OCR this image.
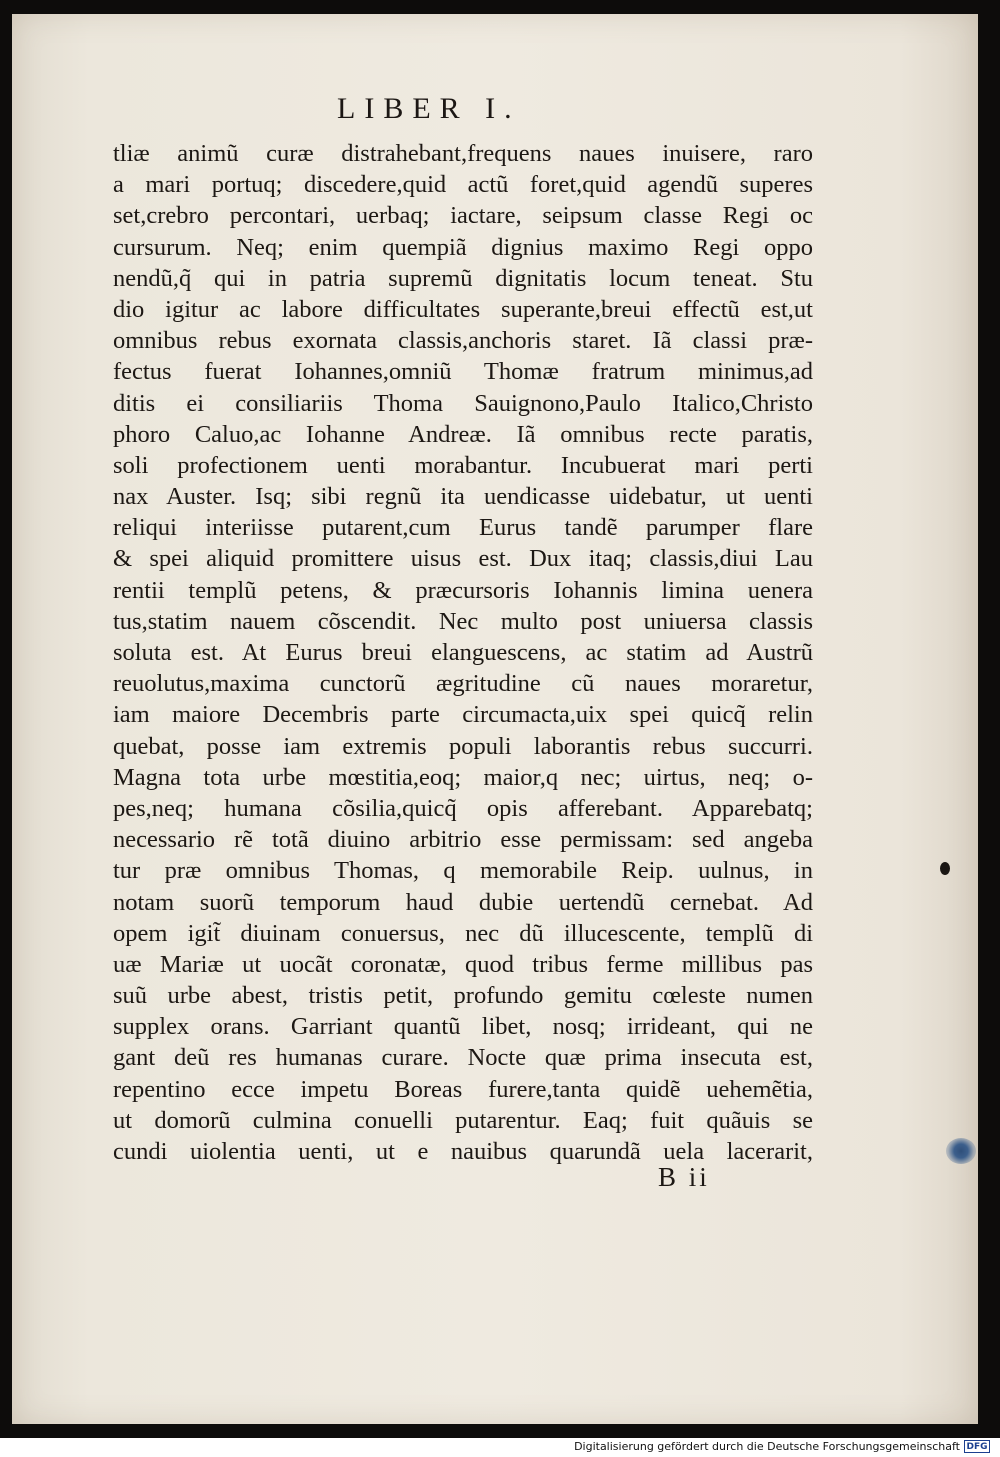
LIBER I.
tliæ animũ curæ distrahebant,frequens naues inuisere, raro
a mari portuq; discedere,quid actũ foret,quid agendũ superes
set,crebro percontari, uerbaq; iactare, seipsum classe Regi oc
cursurum. Neq; enim quempiã dignius maximo Regi oppo
nendũ,q̃ qui in patria supremũ dignitatis locum teneat. Stu
dio igitur ac labore difficultates superante,breui effectũ est,ut
omnibus rebus exornata classis,anchoris staret. Iã classi præ-
fectus fuerat Iohannes,omniũ Thomæ fratrum minimus,ad
ditis ei consiliariis Thoma Sauignono,Paulo Italico,Christo
phoro Caluo,ac Iohanne Andreæ. Iã omnibus recte paratis,
soli profectionem uenti morabantur. Incubuerat mari perti
nax Auster. Isq; sibi regnũ ita uendicasse uidebatur, ut uenti
reliqui interiisse putarent,cum Eurus tandẽ parumper flare
& spei aliquid promittere uisus est. Dux itaq; classis,diui Lau
rentii templũ petens, & præcursoris Iohannis limina uenera
tus,statim nauem cõscendit. Nec multo post uniuersa classis
soluta est. At Eurus breui elanguescens, ac statim ad Austrũ
reuolutus,maxima cunctorũ ægritudine cũ naues moraretur,
iam maiore Decembris parte circumacta,uix spei quicq̃ relin
quebat, posse iam extremis populi laborantis rebus succurri.
Magna tota urbe mœstitia,eoq; maior,q nec; uirtus, neq; o-
pes,neq; humana cõsilia,quicq̃ opis afferebant. Apparebatq;
necessario rẽ totã diuino arbitrio esse permissam: sed angeba
tur præ omnibus Thomas, q memorabile Reip. uulnus, in
notam suorũ temporum haud dubie uertendũ cernebat. Ad
opem igit̃ diuinam conuersus, nec dũ illucescente, templũ di
uæ Mariæ ut uocãt coronatæ, quod tribus ferme millibus pas
suũ urbe abest, tristis petit, profundo gemitu cœleste numen
supplex orans. Garriant quantũ libet, nosq; irrideant, qui ne
gant deũ res humanas curare. Nocte quæ prima insecuta est,
repentino ecce impetu Boreas furere,tanta quidẽ uehemẽtia,
ut domorũ culmina conuelli putarentur. Eaq; fuit quãuis se
cundi uiolentia uenti, ut e nauibus quarundã uela lacerarit,
B ii
Digitalisierung gefördert durch die Deutsche Forschungsgemeinschaft DFG
